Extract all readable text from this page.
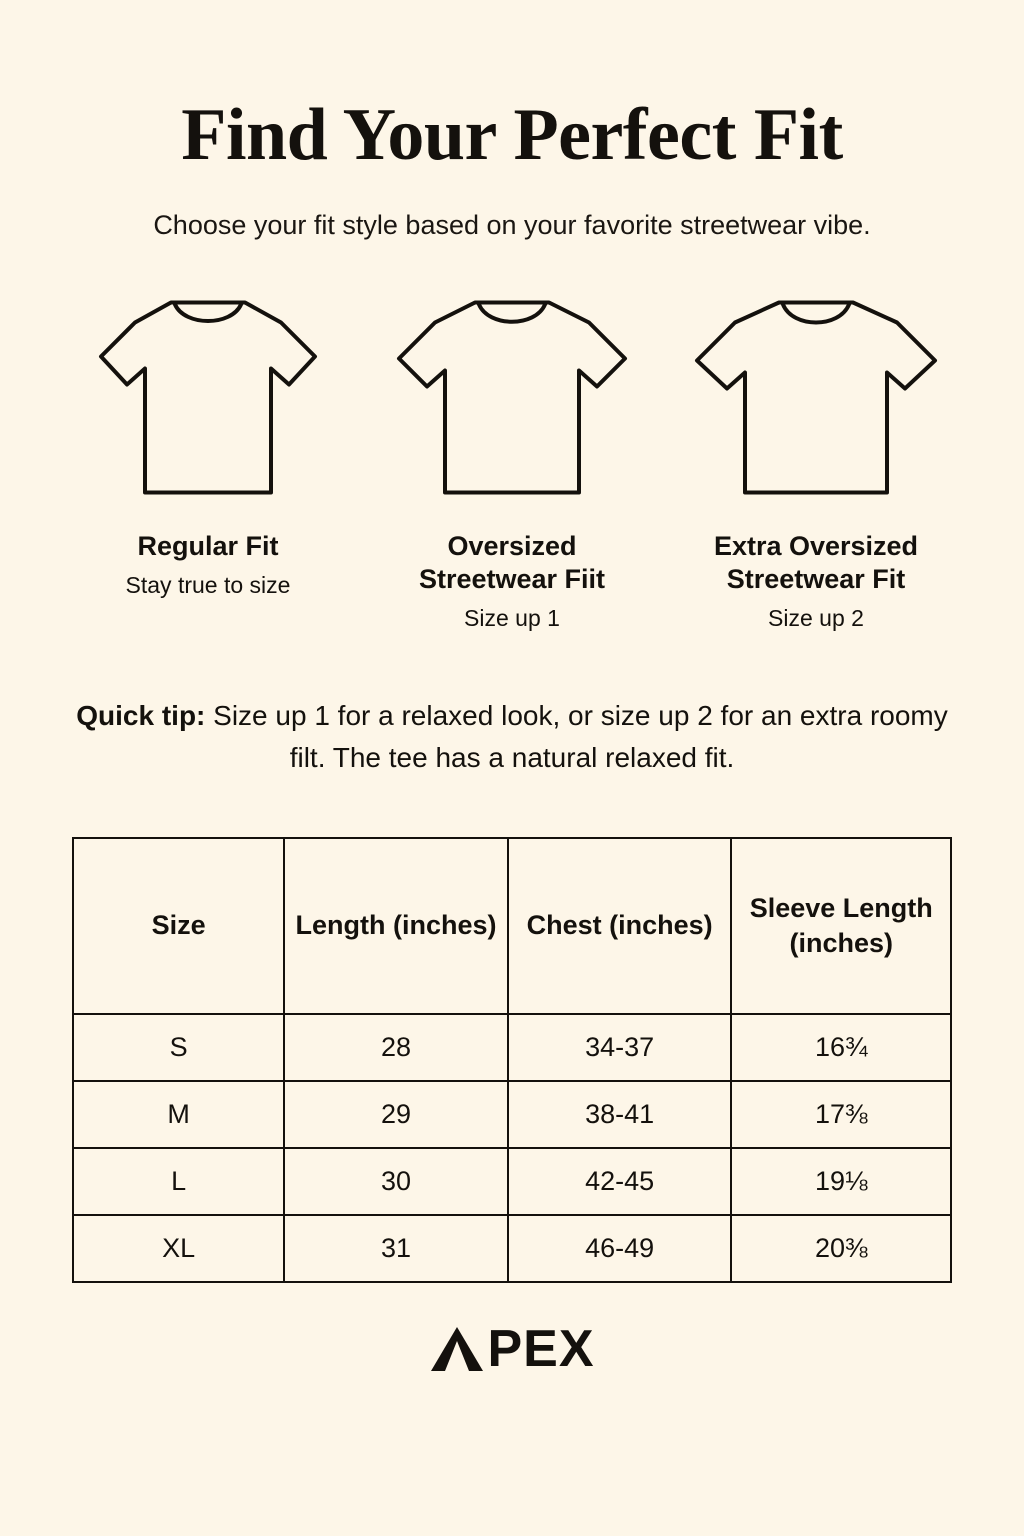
Find Your Perfect Fit
Choose your fit style based on your favorite streetwear vibe.
Regular Fit
Stay true to size
Oversized Streetwear Fiit
Size up 1
Extra Oversized Streetwear Fit
Size up 2
Quick tip: Size up 1 for a relaxed look, or size up 2 for an extra roomy filt. The tee has a natural relaxed fit.
Size	Length (inches)	Chest (inches)	Sleeve Length (inches)
S	28	34-37	16¾
M	29	38-41	17⅜
L	30	42-45	19⅛
XL	31	46-49	20⅜
PEX
